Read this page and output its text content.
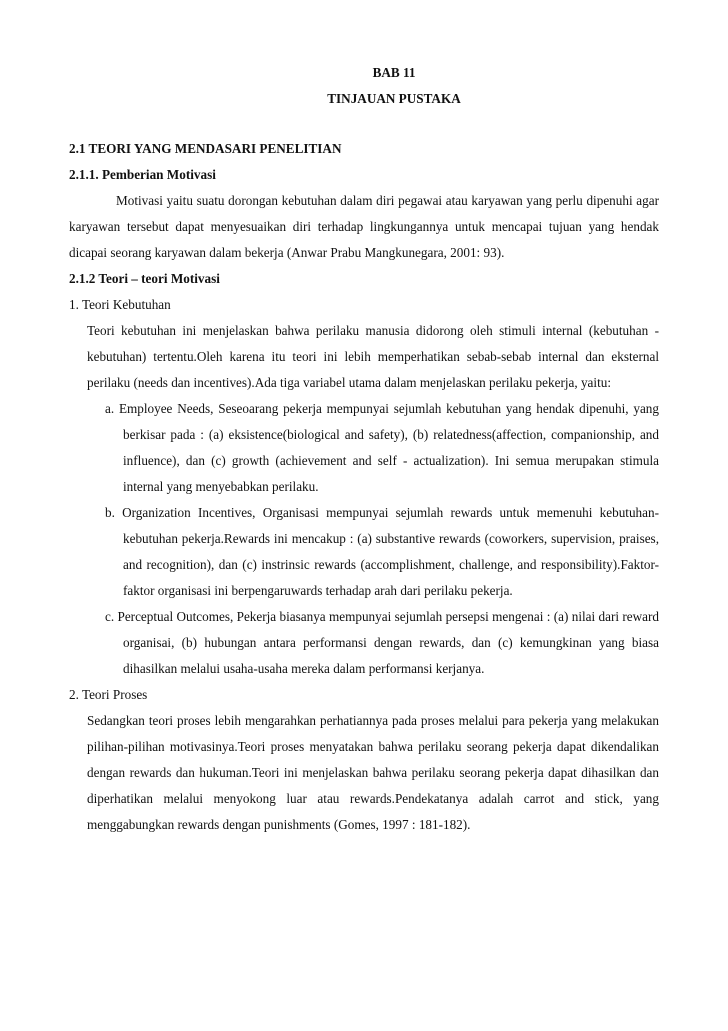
BAB 11
TINJAUAN PUSTAKA
2.1 TEORI YANG MENDASARI PENELITIAN
2.1.1. Pemberian Motivasi

Motivasi yaitu suatu dorongan kebutuhan dalam diri pegawai atau karyawan yang perlu dipenuhi agar karyawan tersebut dapat menyesuaikan diri terhadap lingkungannya untuk mencapai tujuan yang hendak dicapai seorang karyawan dalam bekerja (Anwar Prabu Mangkunegara, 2001: 93).

2.1.2 Teori – teori Motivasi
1. Teori Kebutuhan

Teori kebutuhan ini menjelaskan bahwa perilaku manusia didorong oleh stimuli internal (kebutuhan - kebutuhan) tertentu.Oleh karena itu teori ini lebih memperhatikan sebab-sebab internal dan eksternal perilaku (needs dan incentives).Ada tiga variabel utama dalam menjelaskan perilaku pekerja, yaitu:

a. Employee Needs, Seseoarang pekerja mempunyai sejumlah kebutuhan yang hendak dipenuhi, yang berkisar pada : (a) eksistence(biological and safety), (b) relatedness(affection, companionship, and influence), dan (c) growth (achievement and self - actualization). Ini semua merupakan stimula internal yang menyebabkan perilaku.

b. Organization Incentives, Organisasi mempunyai sejumlah rewards untuk memenuhi kebutuhan-kebutuhan pekerja.Rewards ini mencakup : (a) substantive rewards (coworkers, supervision, praises, and recognition), dan (c) instrinsic rewards (accomplishment, challenge, and responsibility).Faktor-faktor organisasi ini berpengaruwards terhadap arah dari perilaku pekerja.

c. Perceptual Outcomes, Pekerja biasanya mempunyai sejumlah persepsi mengenai : (a) nilai dari reward organisai, (b) hubungan antara performansi dengan rewards, dan (c) kemungkinan yang biasa dihasilkan melalui usaha-usaha mereka dalam performansi kerjanya.

2. Teori Proses

Sedangkan teori proses lebih mengarahkan perhatiannya pada proses melalui para pekerja yang melakukan pilihan-pilihan motivasinya.Teori proses menyatakan bahwa perilaku seorang pekerja dapat dikendalikan dengan rewards dan hukuman.Teori ini menjelaskan bahwa perilaku seorang pekerja dapat dihasilkan dan diperhatikan melalui menyokong luar atau rewards.Pendekatanya adalah carrot and stick, yang menggabungkan rewards dengan punishments (Gomes, 1997 : 181-182).
